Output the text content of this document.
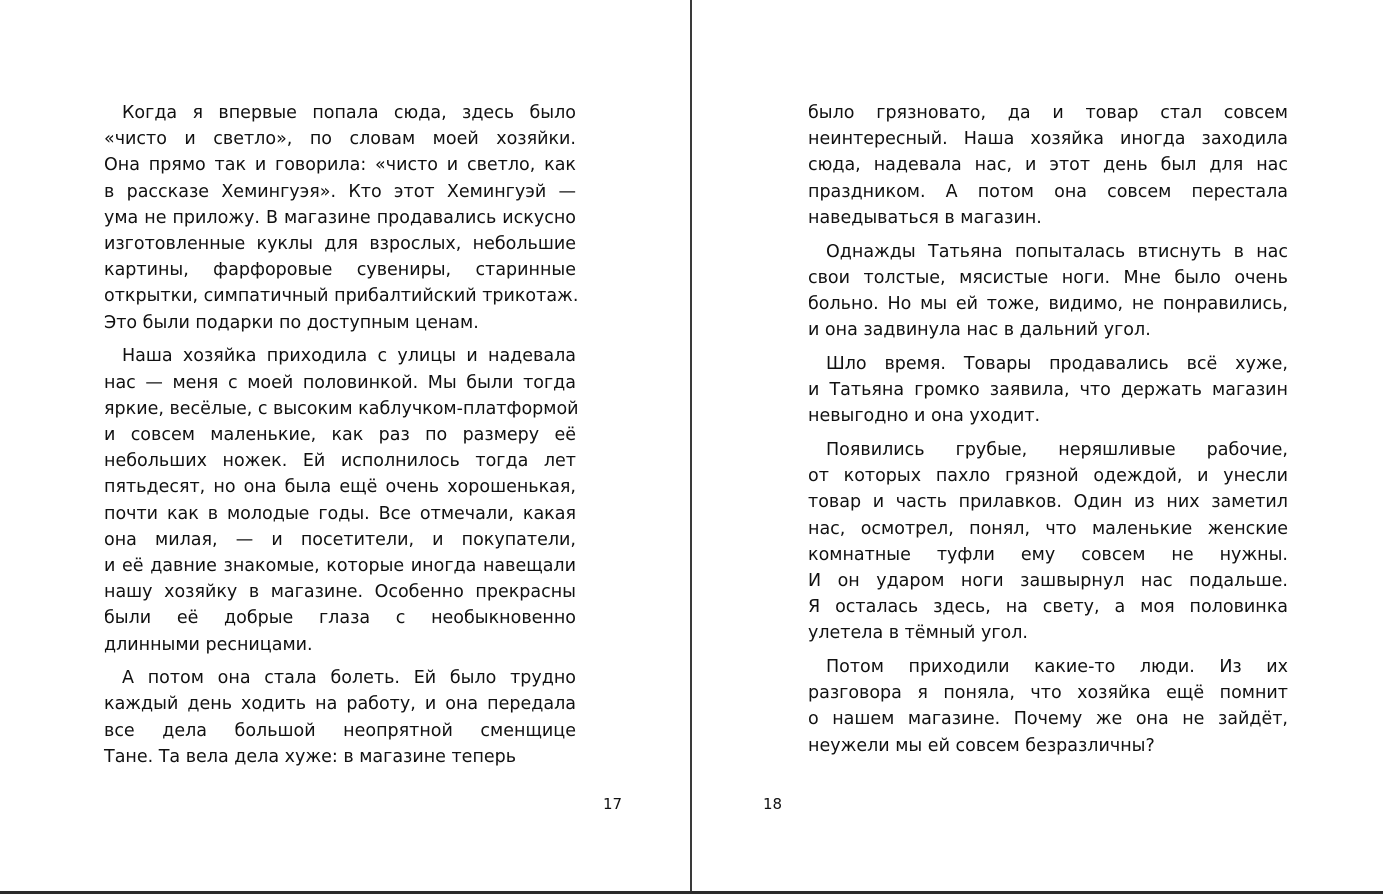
Когда я впервые попала сюда, здесь было
«чисто и светло», по словам моей хозяйки.
Она прямо так и говорила: «чисто и светло, как
в рассказе Хемингуэя». Кто этот Хемингуэй —
ума не приложу. В магазине продавались искусно
изготовленные куклы для взрослых, небольшие
картины, фарфоровые сувениры, старинные
открытки, симпатичный прибалтийский трикотаж.
Это были подарки по доступным ценам.
Наша хозяйка приходила с улицы и надевала
нас — меня с моей половинкой. Мы были тогда
яркие, весёлые, с высоким каблучком-платформой
и совсем маленькие, как раз по размеру её
небольших ножек. Ей исполнилось тогда лет
пятьдесят, но она была ещё очень хорошенькая,
почти как в молодые годы. Все отмечали, какая
она милая, — и посетители, и покупатели,
и её давние знакомые, которые иногда навещали
нашу хозяйку в магазине. Особенно прекрасны
были её добрые глаза с необыкновенно
длинными ресницами.
А потом она стала болеть. Ей было трудно
каждый день ходить на работу, и она передала
все дела большой неопрятной сменщице
Тане. Та вела дела хуже: в магазине теперь
17
было грязновато, да и товар стал совсем
неинтересный. Наша хозяйка иногда заходила
сюда, надевала нас, и этот день был для нас
праздником. А потом она совсем перестала
наведываться в магазин.
Однажды Татьяна попыталась втиснуть в нас
свои толстые, мясистые ноги. Мне было очень
больно. Но мы ей тоже, видимо, не понравились,
и она задвинула нас в дальний угол.
Шло время. Товары продавались всё хуже,
и Татьяна громко заявила, что держать магазин
невыгодно и она уходит.
Появились грубые, неряшливые рабочие,
от которых пахло грязной одеждой, и унесли
товар и часть прилавков. Один из них заметил
нас, осмотрел, понял, что маленькие женские
комнатные туфли ему совсем не нужны.
И он ударом ноги зашвырнул нас подальше.
Я осталась здесь, на свету, а моя половинка
улетела в тёмный угол.
Потом приходили какие-то люди. Из их
разговора я поняла, что хозяйка ещё помнит
о нашем магазине. Почему же она не зайдёт,
неужели мы ей совсем безразличны?
18
